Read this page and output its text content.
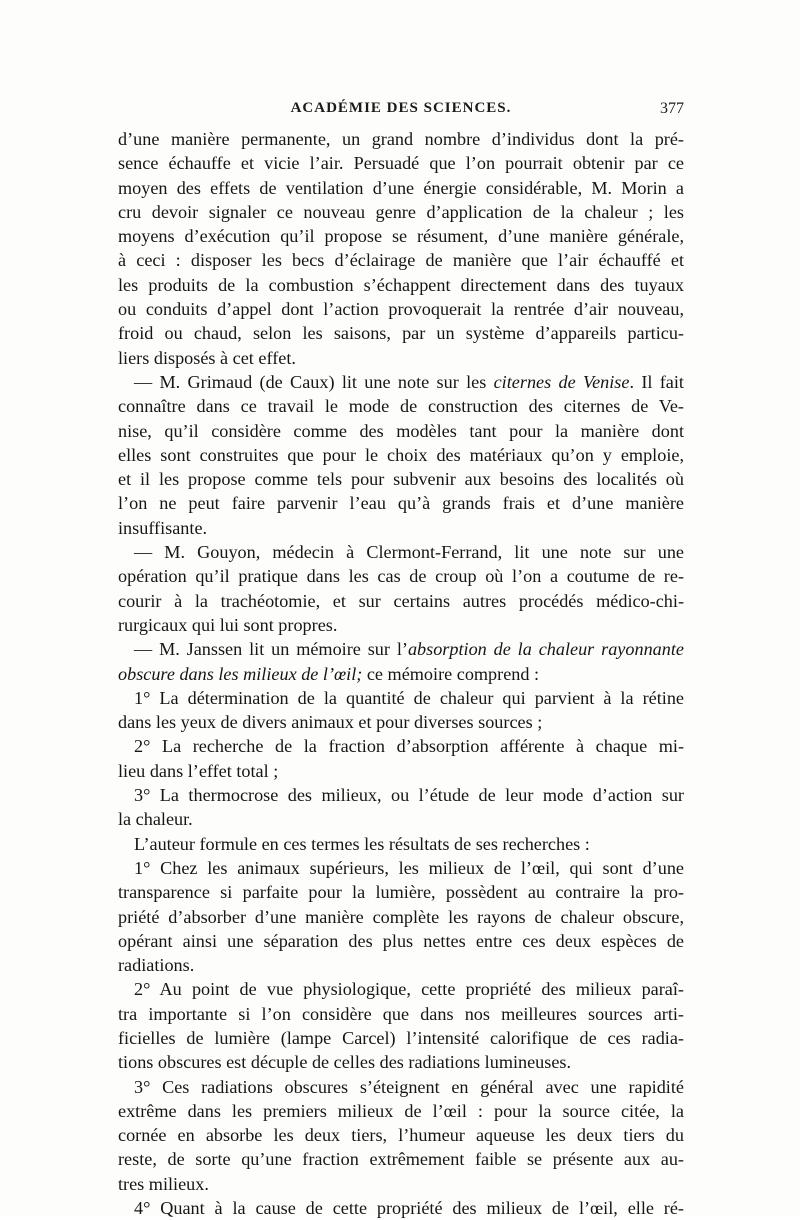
ACADÉMIE DES SCIENCES.	377
d’une manière permanente, un grand nombre d’individus dont la pré-
sence échauffe et vicie l’air. Persuadé que l’on pourrait obtenir par ce
moyen des effets de ventilation d’une énergie considérable, M. Morin a
cru devoir signaler ce nouveau genre d’application de la chaleur ; les
moyens d’exécution qu’il propose se résument, d’une manière générale,
à ceci : disposer les becs d’éclairage de manière que l’air échauffé et
les produits de la combustion s’échappent directement dans des tuyaux
ou conduits d’appel dont l’action provoquerait la rentrée d’air nouveau,
froid ou chaud, selon les saisons, par un système d’appareils particu-
liers disposés à cet effet.
— M. Grimaud (de Caux) lit une note sur les citernes de Venise. Il fait
connaître dans ce travail le mode de construction des citernes de Ve-
nise, qu’il considère comme des modèles tant pour la manière dont
elles sont construites que pour le choix des matériaux qu’on y emploie,
et il les propose comme tels pour subvenir aux besoins des localités où
l’on ne peut faire parvenir l’eau qu’à grands frais et d’une manière
insuffisante.
— M. Gouyon, médecin à Clermont-Ferrand, lit une note sur une
opération qu’il pratique dans les cas de croup où l’on a coutume de re-
courir à la trachéotomie, et sur certains autres procédés médico-chi-
rurgicaux qui lui sont propres.
— M. Janssen lit un mémoire sur l’absorption de la chaleur rayonnante
obscure dans les milieux de l’œil; ce mémoire comprend :
1° La détermination de la quantité de chaleur qui parvient à la rétine
dans les yeux de divers animaux et pour diverses sources ;
2° La recherche de la fraction d’absorption afférente à chaque mi-
lieu dans l’effet total ;
3° La thermocrose des milieux, ou l’étude de leur mode d’action sur
la chaleur.
L’auteur formule en ces termes les résultats de ses recherches :
1° Chez les animaux supérieurs, les milieux de l’œil, qui sont d’une
transparence si parfaite pour la lumière, possèdent au contraire la pro-
priété d’absorber d’une manière complète les rayons de chaleur obscure,
opérant ainsi une séparation des plus nettes entre ces deux espèces de
radiations.
2° Au point de vue physiologique, cette propriété des milieux paraî-
tra importante si l’on considère que dans nos meilleures sources arti-
ficielles de lumière (lampe Carcel) l’intensité calorifique de ces radia-
tions obscures est décuple de celles des radiations lumineuses.
3° Ces radiations obscures s’éteignent en général avec une rapidité
extrême dans les premiers milieux de l’œil : pour la source citée, la
cornée en absorbe les deux tiers, l’humeur aqueuse les deux tiers du
reste, de sorte qu’une fraction extrêmement faible se présente aux au-
tres milieux.
4° Quant à la cause de cette propriété des milieux de l’œil, elle ré-
